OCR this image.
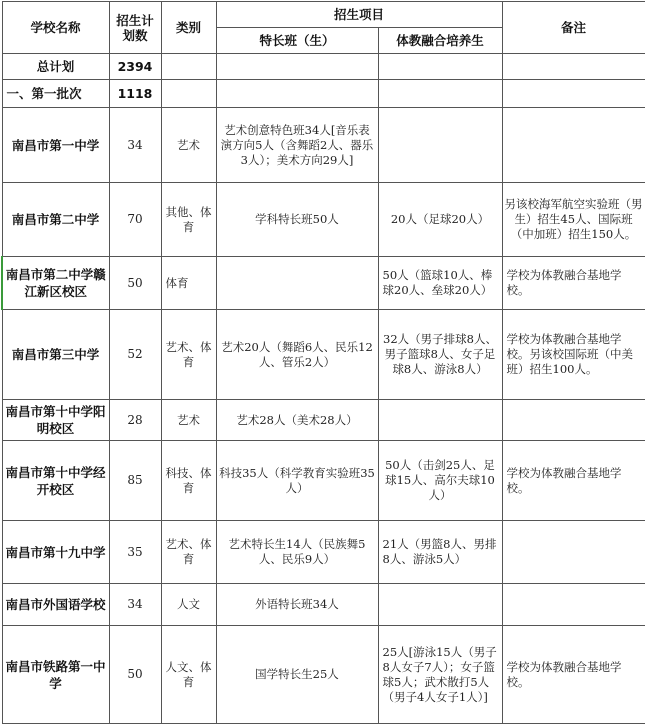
学校名称	招生计划数	类别	招生项目		备注
			特长班（生）	体教融合培养生	
总计划	2394				
一、第一批次	1118				
南昌市第一中学	34	艺术	艺术创意特色班34人[音乐表演方向5人（含舞蹈2人、器乐3人）；美术方向29人]		
南昌市第二中学	70	其他、体育	学科特长班50人	20人（足球20人）	另该校海军航空实验班（男生）招生45人、国际班（中加班）招生150人。
南昌市第二中学赣江新区校区	50	体育		50人（篮球10人、棒球20人、垒球20人）	学校为体教融合基地学校。
南昌市第三中学	52	艺术、体育	艺术20人（舞蹈6人、民乐12人、管乐2人）	32人（男子排球8人、男子篮球8人、女子足球8人、游泳8人）	学校为体教融合基地学校。另该校国际班（中美班）招生100人。
南昌市第十中学阳明校区	28	艺术	艺术28人（美术28人）		
南昌市第十中学经开校区	85	科技、体育	科技35人（科学教育实验班35人）	50人（击剑25人、足球15人、高尔夫球10人）	学校为体教融合基地学校。
南昌市第十九中学	35	艺术、体育	艺术特长生14人（民族舞5人、民乐9人）	21人（男篮8人、男排8人、游泳5人）	
南昌市外国语学校	34	人文	外语特长班34人		
南昌市铁路第一中学	50	人文、体育	国学特长生25人	25人[游泳15人（男子8人女子7人）；女子篮球5人；武术散打5人（男子4人女子1人）]	学校为体教融合基地学校。
